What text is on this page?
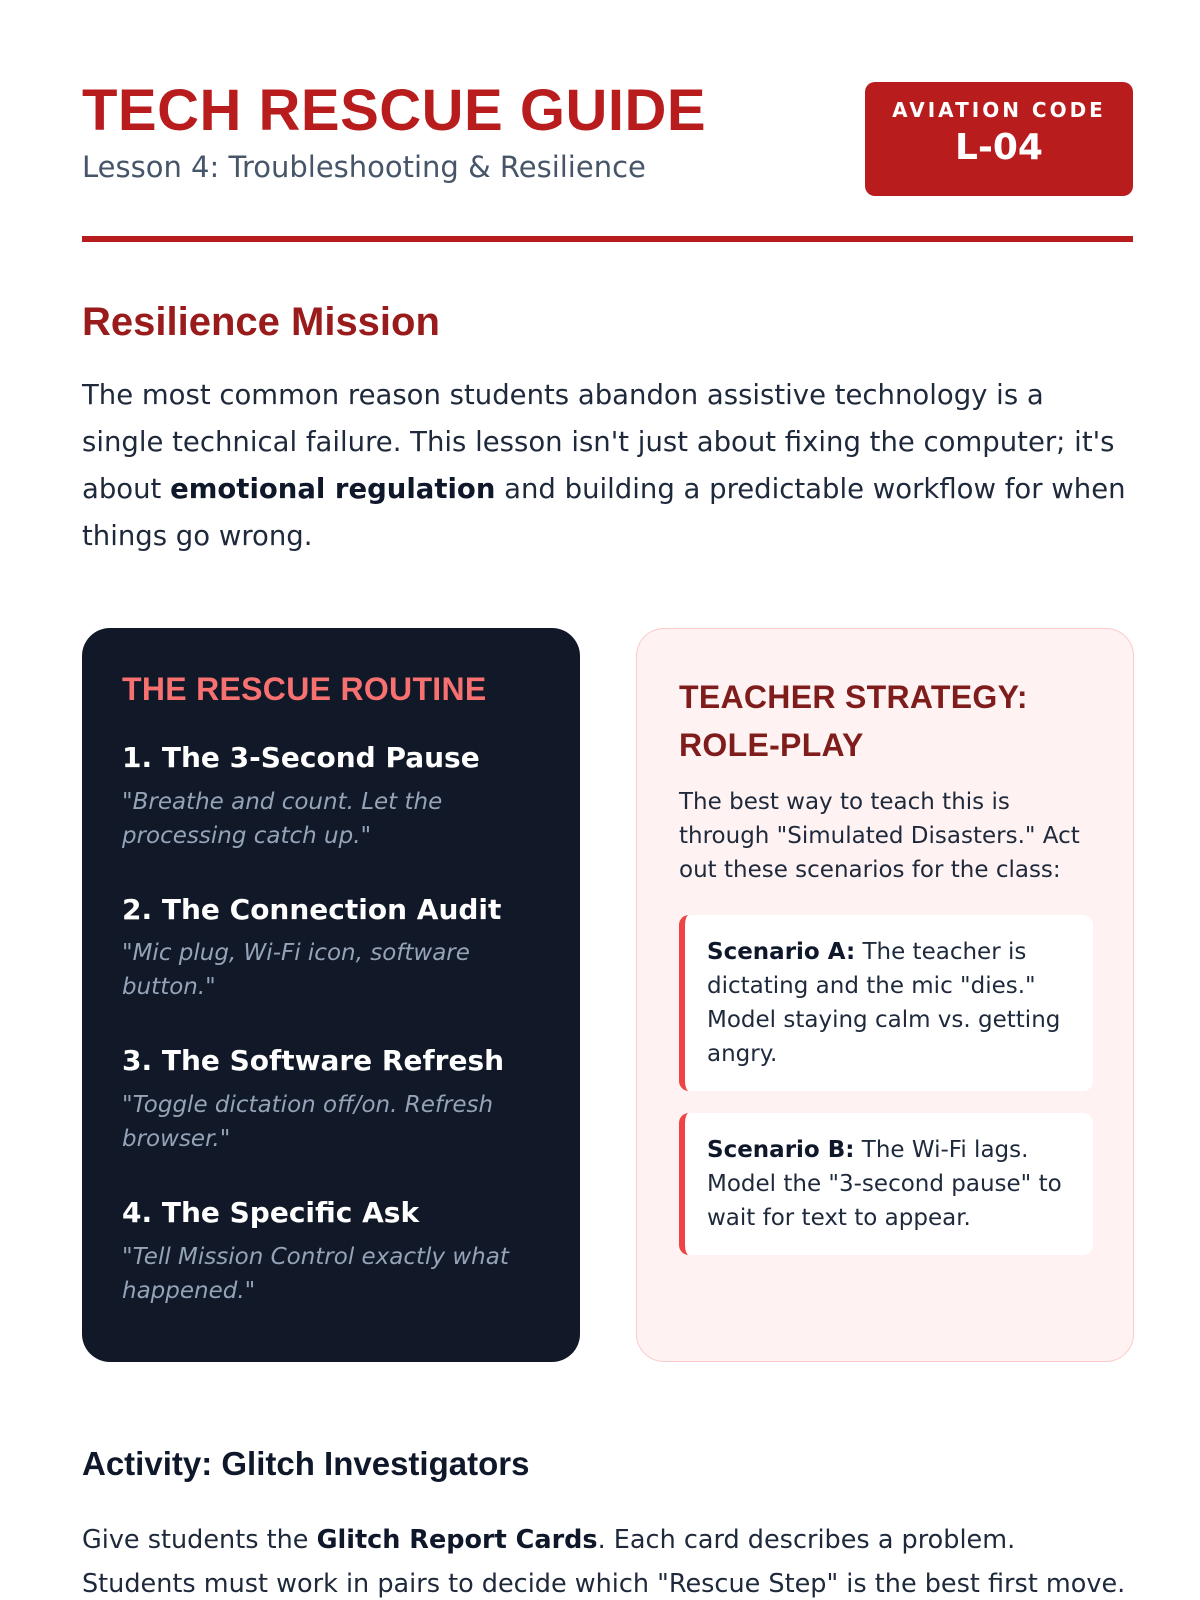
TECH RESCUE GUIDE
Lesson 4: Troubleshooting & Resilience
AVIATION CODE
L-04
Resilience Mission

The most common reason students abandon assistive technology is a single technical failure. This lesson isn't just about fixing the computer; it's about emotional regulation and building a predictable workflow for when things go wrong.

THE RESCUE ROUTINE
1. The 3-Second Pause
"Breathe and count. Let the processing catch up."
2. The Connection Audit
"Mic plug, Wi-Fi icon, software button."
3. The Software Refresh
"Toggle dictation off/on. Refresh browser."
4. The Specific Ask
"Tell Mission Control exactly what happened."
TEACHER STRATEGY:
ROLE-PLAY

The best way to teach this is through "Simulated Disasters." Act out these scenarios for the class:

Scenario A: The teacher is dictating and the mic "dies." Model staying calm vs. getting angry.
Scenario B: The Wi-Fi lags. Model the "3-second pause" to wait for text to appear.
Activity: Glitch Investigators

Give students the Glitch Report Cards. Each card describes a problem. Students must work in pairs to decide which "Rescue Step" is the best first move.
